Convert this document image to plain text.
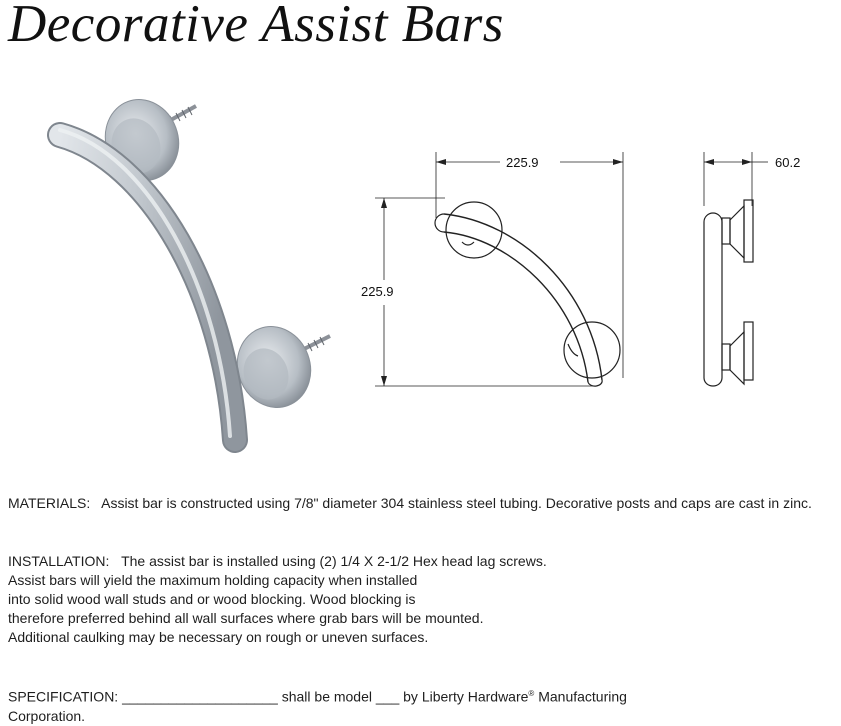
Decorative Assist Bars
225.9
225.9
60.2
MATERIALS: Assist bar is constructed using 7/8" diameter 304 stainless steel tubing. Decorative posts and caps are cast in zinc.
INSTALLATION: The assist bar is installed using (2) 1/4 X 2-1/2 Hex head lag screws.
Assist bars will yield the maximum holding capacity when installed
into solid wood wall studs and or wood blocking. Wood blocking is
therefore preferred behind all wall surfaces where grab bars will be mounted.
Additional caulking may be necessary on rough or uneven surfaces.
SPECIFICATION: ____________________ shall be model ___ by Liberty Hardware® Manufacturing
Corporation.
